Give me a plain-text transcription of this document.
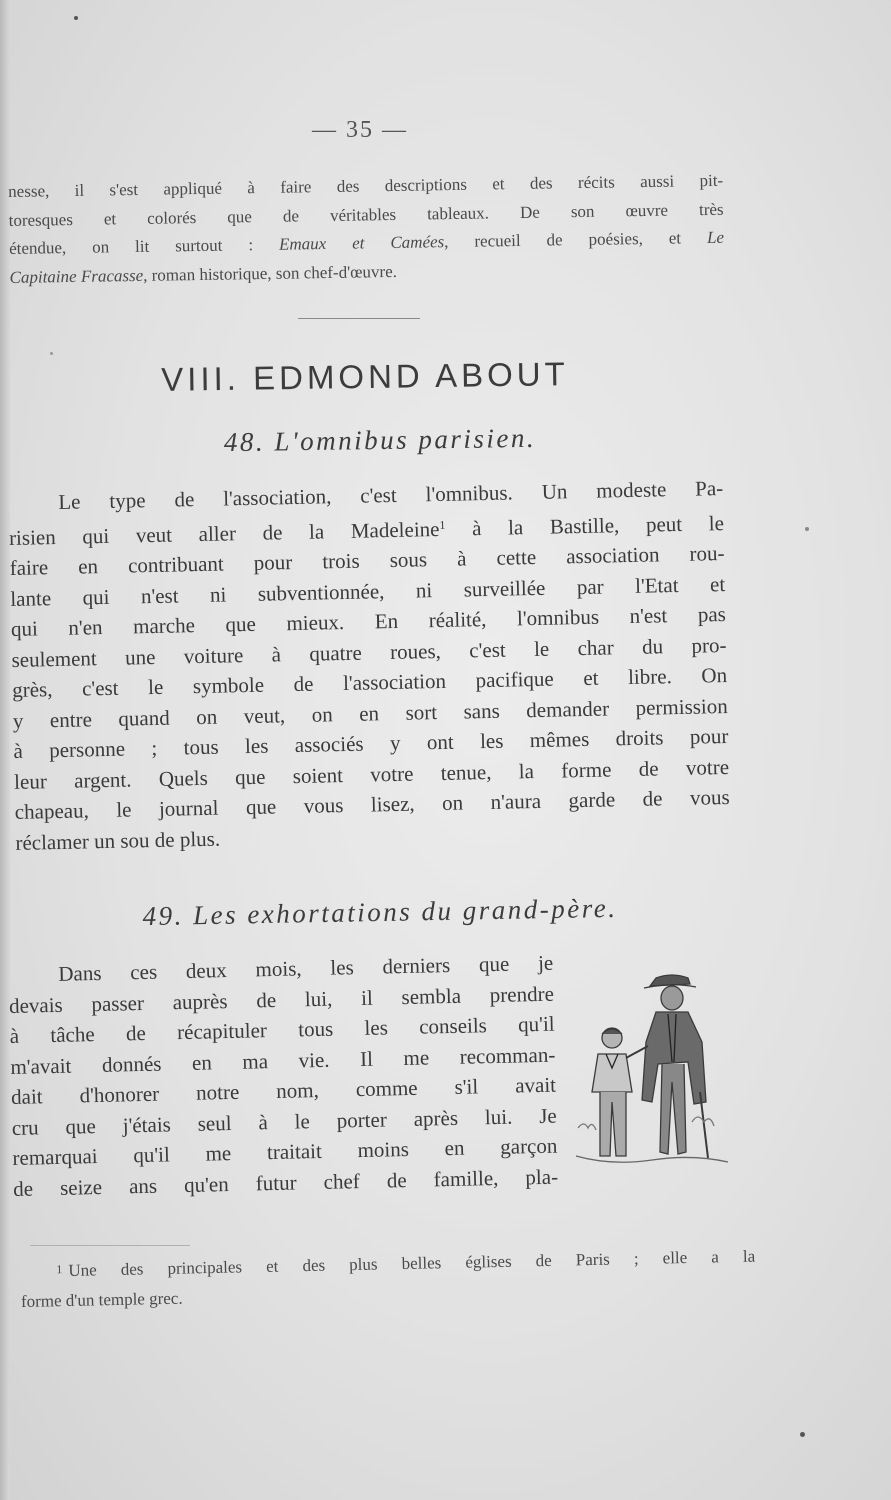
— 35 —

nesse, il s'est appliqué à faire des descriptions et des récits aussi pit-
toresques et colorés que de véritables tableaux. De son œuvre très
étendue, on lit surtout : Emaux et Camées, recueil de poésies, et Le
Capitaine Fracasse, roman historique, son chef-d'œuvre.

VIII. EDMOND ABOUT
48. L'omnibus parisien.

Le type de l'association, c'est l'omnibus. Un modeste Pa-
risien qui veut aller de la Madeleine$^1$ à la Bastille, peut le
faire en contribuant pour trois sous à cette association rou-
lante qui n'est ni subventionnée, ni surveillée par l'Etat et
qui n'en marche que mieux. En réalité, l'omnibus n'est pas
seulement une voiture à quatre roues, c'est le char du pro-
grès, c'est le symbole de l'association pacifique et libre. On
y entre quand on veut, on en sort sans demander permission
à personne ; tous les associés y ont les mêmes droits pour
leur argent. Quels que soient votre tenue, la forme de votre
chapeau, le journal que vous lisez, on n'aura garde de vous
réclamer un sou de plus.

49. Les exhortations du grand-père.

Dans ces deux mois, les derniers que je
devais passer auprès de lui, il sembla prendre
à tâche de récapituler tous les conseils qu'il
m'avait donnés en ma vie. Il me recomman-
dait d'honorer notre nom, comme s'il avait
cru que j'étais seul à le porter après lui. Je
remarquai qu'il me traitait moins en garçon
de seize ans qu'en futur chef de famille, pla-

1 Une des principales et des plus belles églises de Paris ; elle a la
forme d'un temple grec.
